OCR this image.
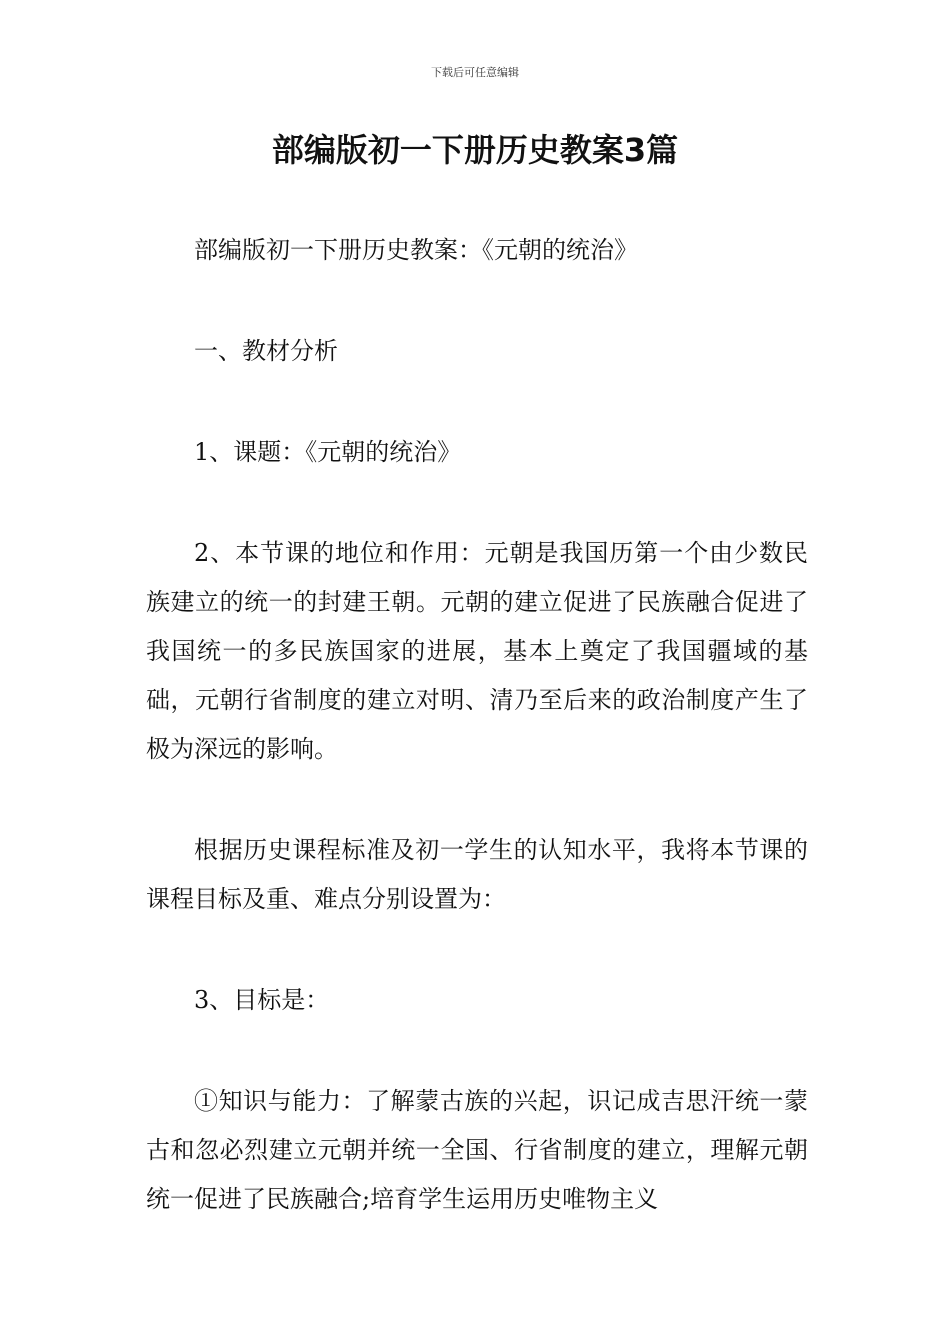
下载后可任意编辑
部编版初一下册历史教案3篇

部编版初一下册历史教案：《元朝的统治》

一、教材分析

1、课题：《元朝的统治》

2、本节课的地位和作用：元朝是我国历第一个由少数民族建立的统一的封建王朝。元朝的建立促进了民族融合促进了我国统一的多民族国家的进展，基本上奠定了我国疆域的基础，元朝行省制度的建立对明、清乃至后来的政治制度产生了极为深远的影响。

根据历史课程标准及初一学生的认知水平，我将本节课的课程目标及重、难点分别设置为：

3、目标是：

①知识与能力：了解蒙古族的兴起，识记成吉思汗统一蒙古和忽必烈建立元朝并统一全国、行省制度的建立，理解元朝统一促进了民族融合;培育学生运用历史唯物主义
